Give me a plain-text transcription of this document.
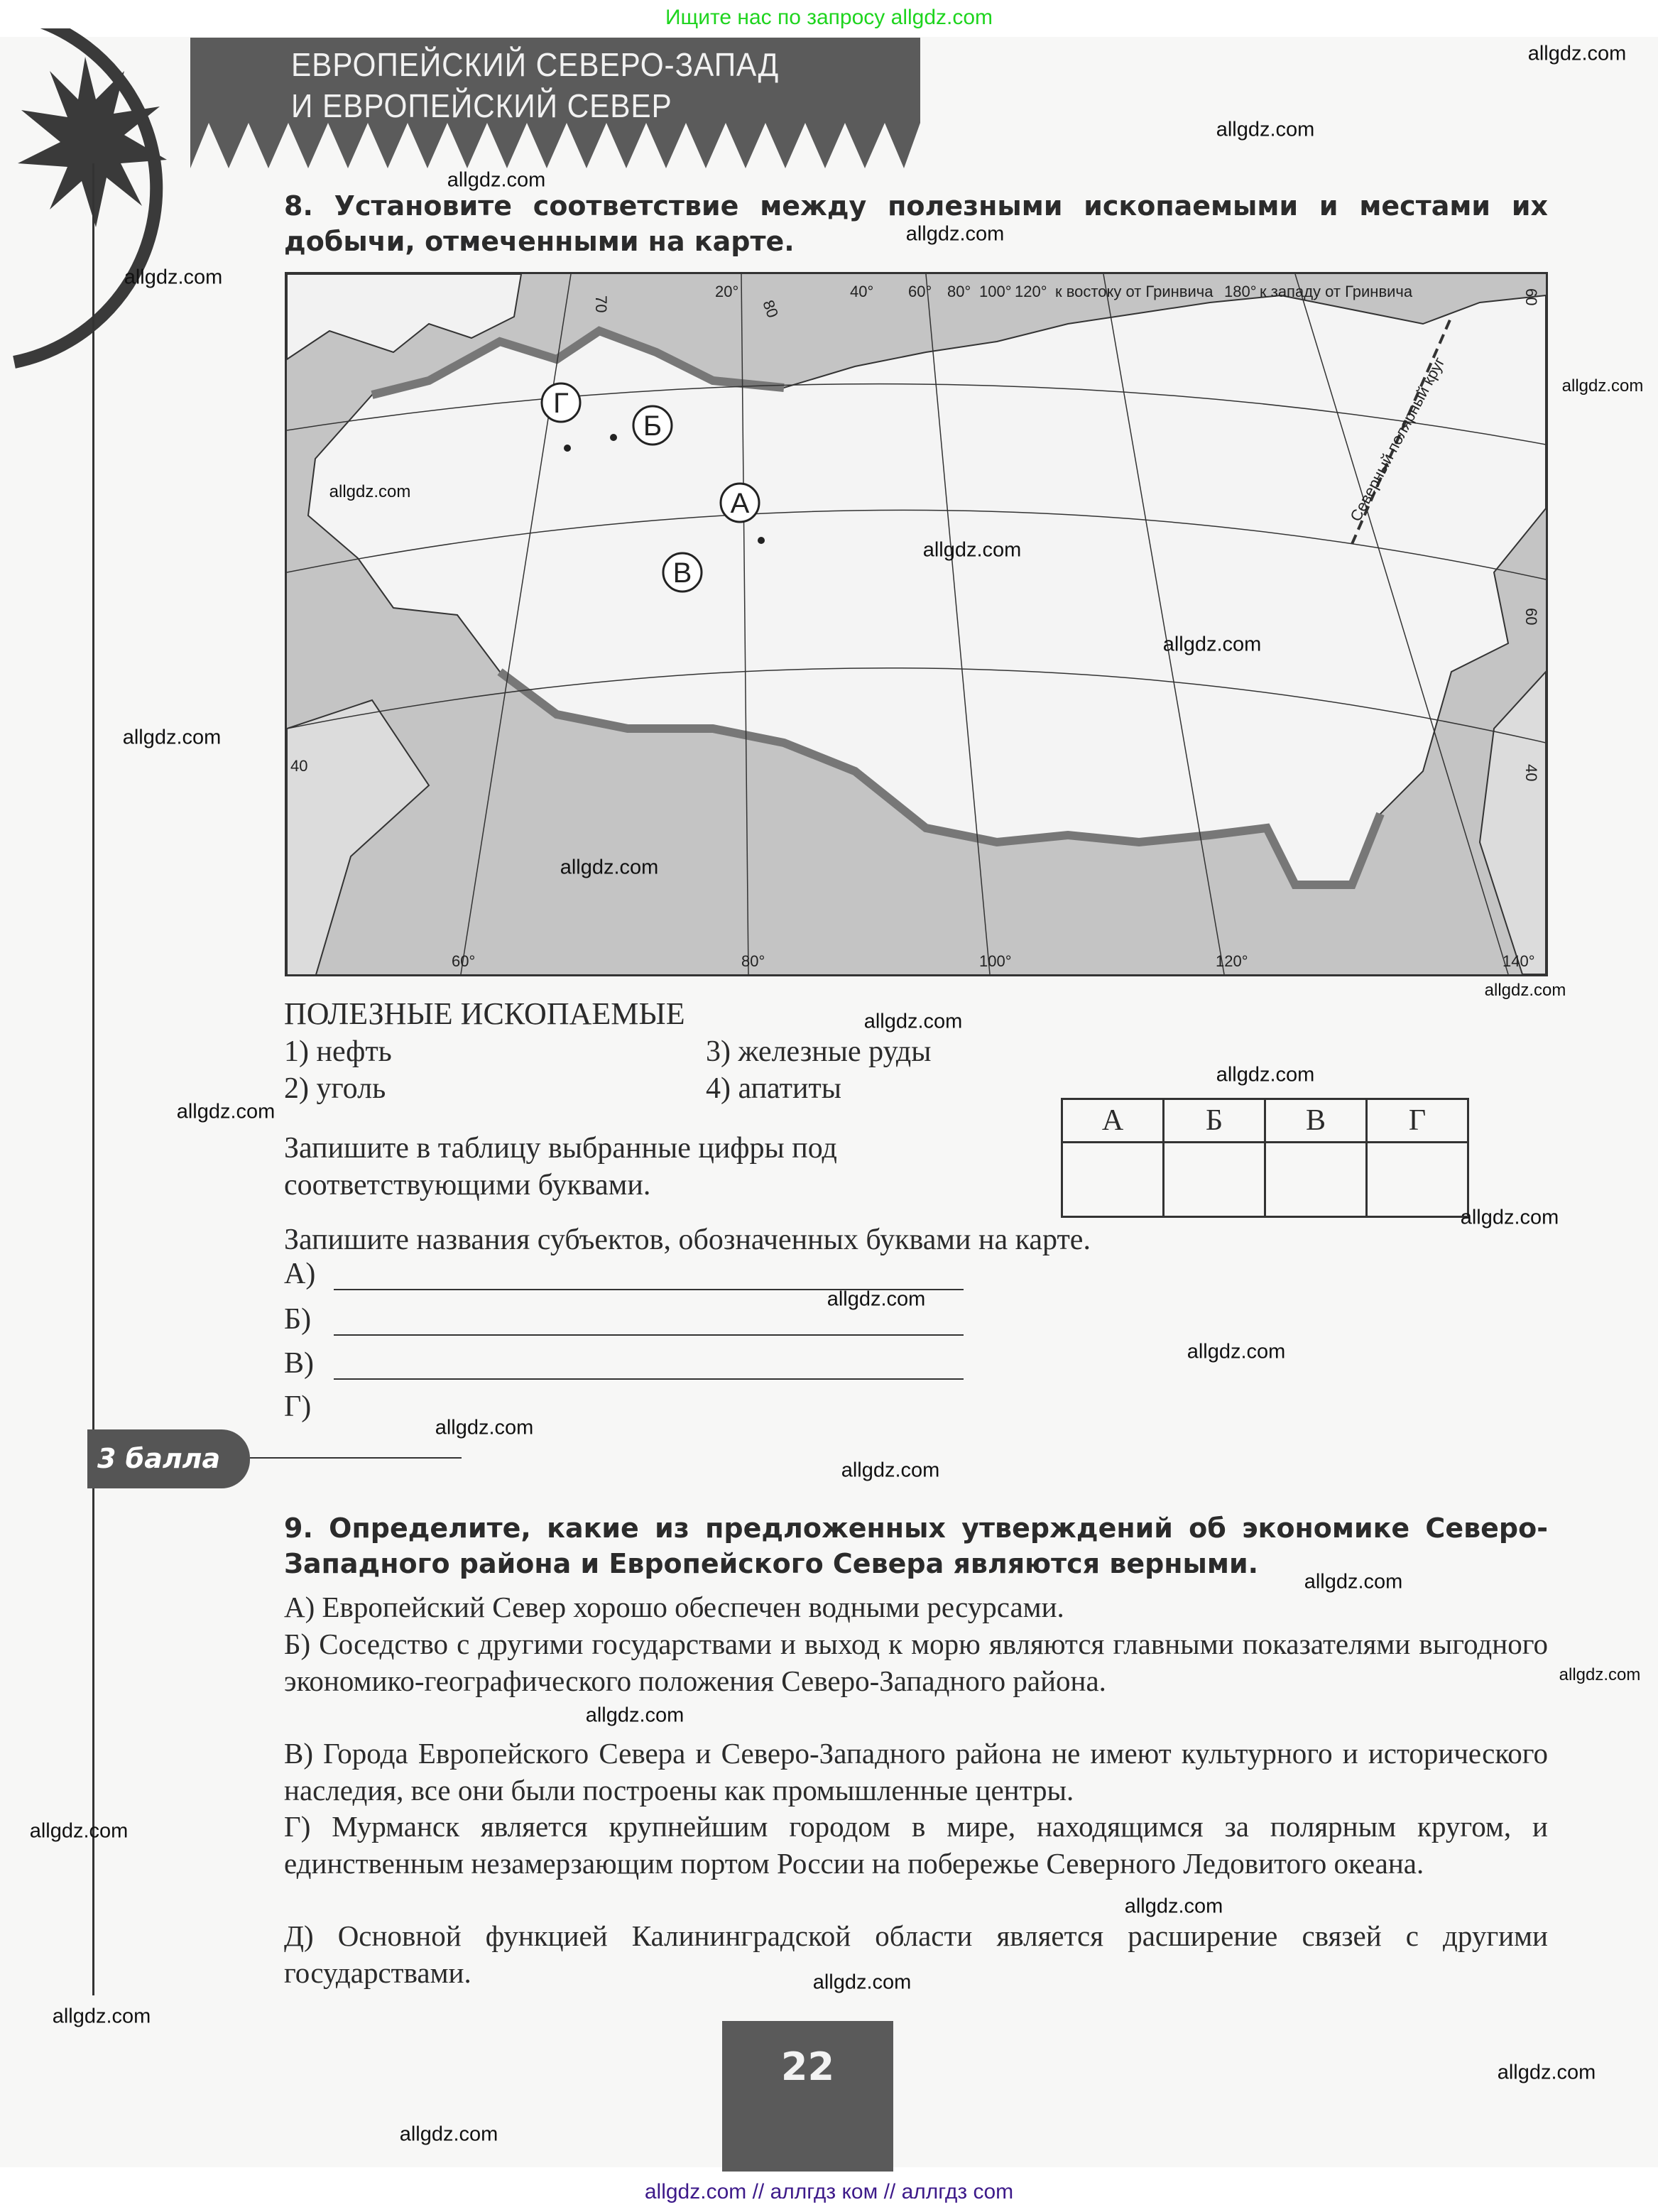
Ищите нас по запросу allgdz.com
ЕВРОПЕЙСКИЙ СЕВЕРО-ЗАПАД
И ЕВРОПЕЙСКИЙ СЕВЕР
8. Установите соответствие между полезными ископаемыми и местами их добычи, отмеченными на карте.
20°	40° 60° 80° 100° 120° к востоку от Гринвича 180° к западу от Гринвича
70	80
60
40
40
60
60°	80°	100°	120°	140°
Северный полярный круг
Г
Б
А
В
ПОЛЕЗНЫЕ ИСКОПАЕМЫЕ
1) нефть
2) уголь
3) железные руды
4) апатиты
А	Б	В	Г

Запишите в таблицу выбранные цифры под соответствующими буквами.
Запишите названия субъектов, обозначенных буквами на карте.
А)
Б)
В)
Г)
3 балла
9. Определите, какие из предложенных утверждений об экономике Северо-Западного района и Европейского Севера являются верными.
А) Европейский Север хорошо обеспечен водными ресурсами.
Б) Соседство с другими государствами и выход к морю являются главными показателями выгодного экономико-географического положения Северо-Западного района.
В) Города Европейского Севера и Северо-Западного района не имеют культурного и исторического наследия, все они были построены как промышленные центры.
Г) Мурманск является крупнейшим городом в мире, находящимся за полярным кругом, и единственным незамерзающим портом России на побережье Северного Ледовитого океана.
Д) Основной функцией Калининградской области является расширение связей с другими государствами.
22
allgdz.com // аллгдз ком // аллгдз com
allgdz.com
allgdz.com
allgdz.com
allgdz.com
allgdz.com
allgdz.com
allgdz.com
allgdz.com
allgdz.com
allgdz.com
allgdz.com
allgdz.com
allgdz.com
allgdz.com
allgdz.com
allgdz.com
allgdz.com
allgdz.com
allgdz.com
allgdz.com
allgdz.com
allgdz.com
allgdz.com
allgdz.com
allgdz.com
allgdz.com
allgdz.com
allgdz.com
allgdz.com
